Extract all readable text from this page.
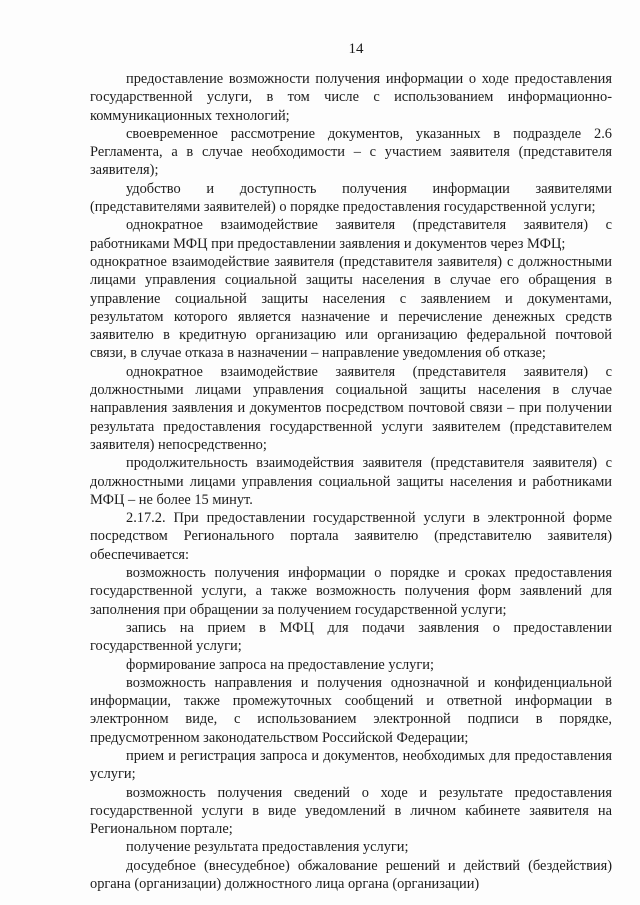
14

предоставление возможности получения информации о ходе предоставления государственной услуги, в том числе с использованием информационно-коммуникационных технологий;

своевременное рассмотрение документов, указанных в подразделе 2.6 Регламента, а в случае необходимости – с участием заявителя (представителя заявителя);

удобство и доступность получения информации заявителями (представителями заявителей) о порядке предоставления государственной услуги;

однократное взаимодействие заявителя (представителя заявителя) с работниками МФЦ при предоставлении заявления и документов через МФЦ;

однократное взаимодействие заявителя (представителя заявителя) с должностными лицами управления социальной защиты населения в случае его обращения в управление социальной защиты населения с заявлением и документами, результатом которого является назначение и перечисление денежных средств заявителю в кредитную организацию или организацию федеральной почтовой связи, в случае отказа в назначении – направление уведомления об отказе;

однократное взаимодействие заявителя (представителя заявителя) с должностными лицами управления социальной защиты населения в случае направления заявления и документов посредством почтовой связи – при получении результата предоставления государственной услуги заявителем (представителем заявителя) непосредственно;

продолжительность взаимодействия заявителя (представителя заявителя) с должностными лицами управления социальной защиты населения и работниками МФЦ – не более 15 минут.

2.17.2. При предоставлении государственной услуги в электронной форме посредством Регионального портала заявителю (представителю заявителя) обеспечивается:

возможность получения информации о порядке и сроках предоставления государственной услуги, а также возможность получения форм заявлений для заполнения при обращении за получением государственной услуги;

запись на прием в МФЦ для подачи заявления о предоставлении государственной услуги;

формирование запроса на предоставление услуги;

возможность направления и получения однозначной и конфиденциальной информации, также промежуточных сообщений и ответной информации в электронном виде, с использованием электронной подписи в порядке, предусмотренном законодательством Российской Федерации;

прием и регистрация запроса и документов, необходимых для предоставления услуги;

возможность получения сведений о ходе и результате предоставления государственной услуги в виде уведомлений в личном кабинете заявителя на Региональном портале;

получение результата предоставления услуги;

досудебное (внесудебное) обжалование решений и действий (бездействия) органа (организации) должностного лица органа (организации)
